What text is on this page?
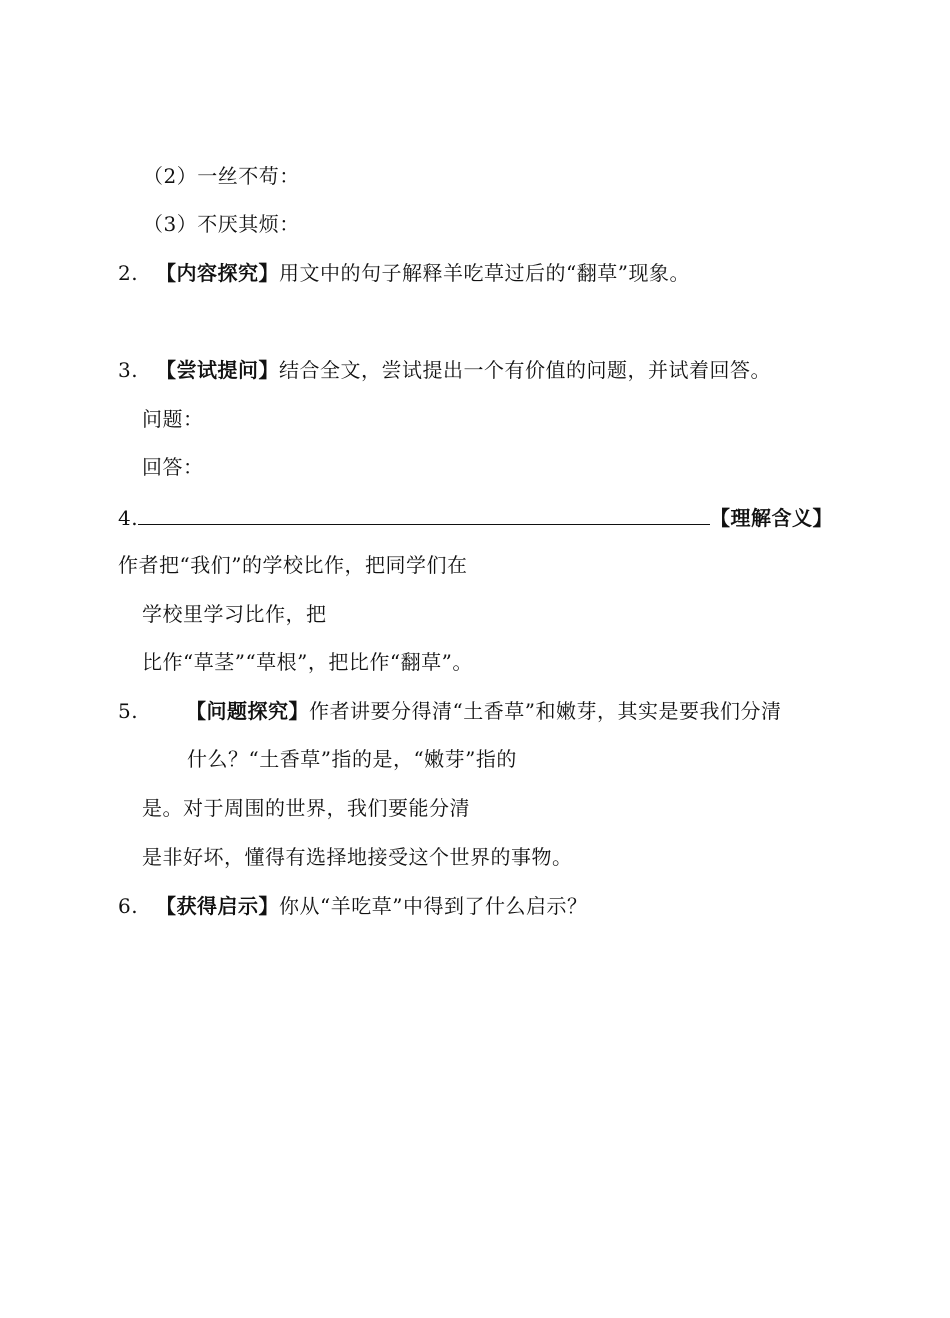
（2）一丝不苟：
（3）不厌其烦：
2. 【内容探究】用文中的句子解释羊吃草过后的“翻草”现象。
3. 【尝试提问】结合全文，尝试提出一个有价值的问题，并试着回答。
问题：
回答：
4.	【理解含义】
作者把“我们”的学校比作，把同学们在
学校里学习比作，把
比作“草茎”“草根”，把比作“翻草”。
5. 【问题探究】作者讲要分得清“土香草”和嫩芽，其实是要我们分清
什么？“土香草”指的是，“嫩芽”指的
是。对于周围的世界，我们要能分清
是非好坏，懂得有选择地接受这个世界的事物。
6. 【获得启示】你从“羊吃草”中得到了什么启示？
